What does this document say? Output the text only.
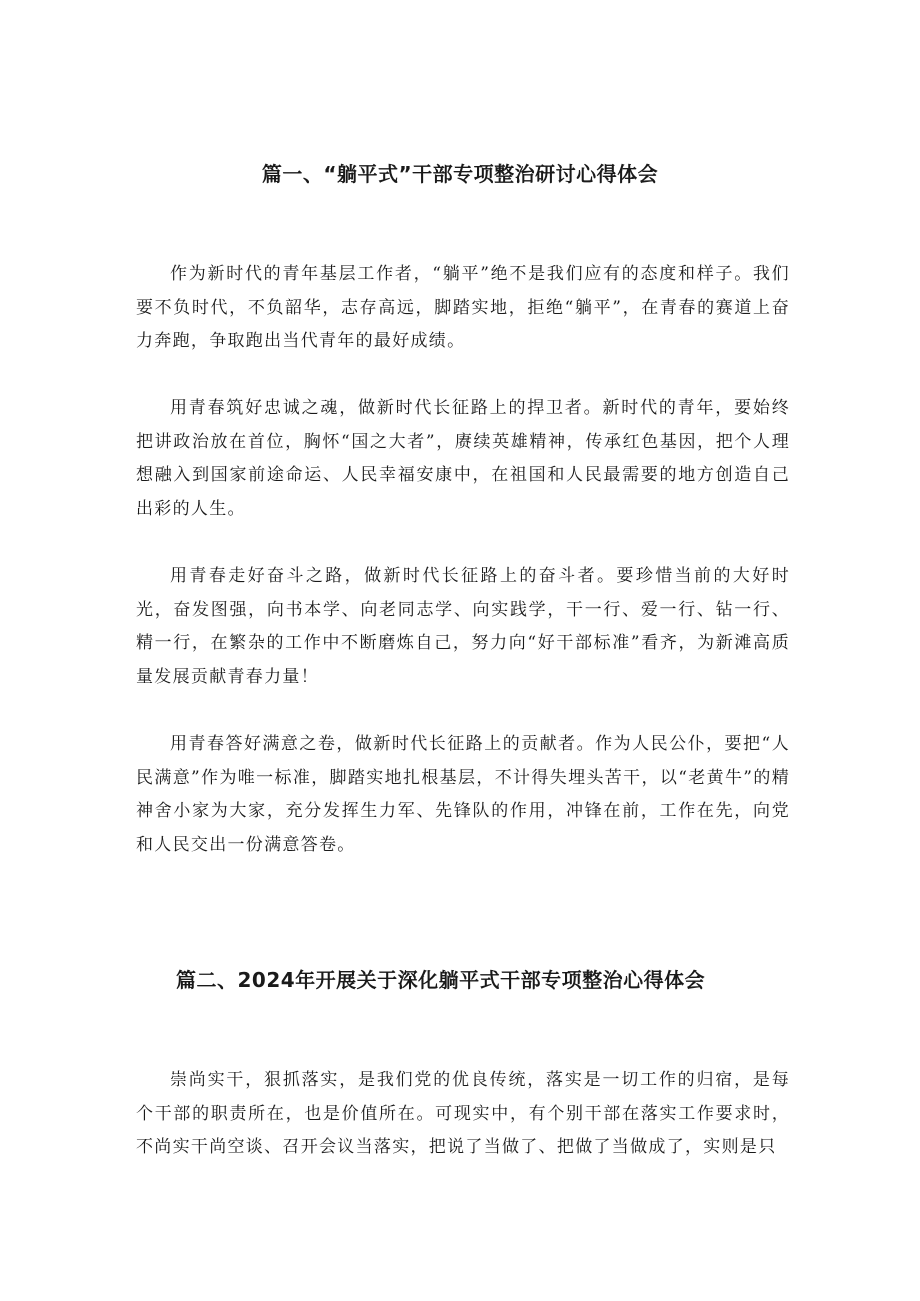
篇一、“躺平式”干部专项整治研讨心得体会

作为新时代的青年基层工作者，“躺平”绝不是我们应有的态度和样子。我们要不负时代，不负韶华，志存高远，脚踏实地，拒绝“躺平”，在青春的赛道上奋力奔跑，争取跑出当代青年的最好成绩。

用青春筑好忠诚之魂，做新时代长征路上的捍卫者。新时代的青年，要始终把讲政治放在首位，胸怀“国之大者”，赓续英雄精神，传承红色基因，把个人理想融入到国家前途命运、人民幸福安康中，在祖国和人民最需要的地方创造自己出彩的人生。

用青春走好奋斗之路，做新时代长征路上的奋斗者。要珍惜当前的大好时光，奋发图强，向书本学、向老同志学、向实践学，干一行、爱一行、钻一行、精一行，在繁杂的工作中不断磨炼自己，努力向“好干部标准”看齐，为新滩高质量发展贡献青春力量！

用青春答好满意之卷，做新时代长征路上的贡献者。作为人民公仆，要把“人民满意”作为唯一标准，脚踏实地扎根基层，不计得失埋头苦干，以“老黄牛”的精神舍小家为大家，充分发挥生力军、先锋队的作用，冲锋在前，工作在先，向党和人民交出一份满意答卷。

篇二、2024年开展关于深化躺平式干部专项整治心得体会

崇尚实干，狠抓落实，是我们党的优良传统，落实是一切工作的归宿，是每个干部的职责所在，也是价值所在。可现实中，有个别干部在落实工作要求时，不尚实干尚空谈、召开会议当落实，把说了当做了、把做了当做成了，实则是只
